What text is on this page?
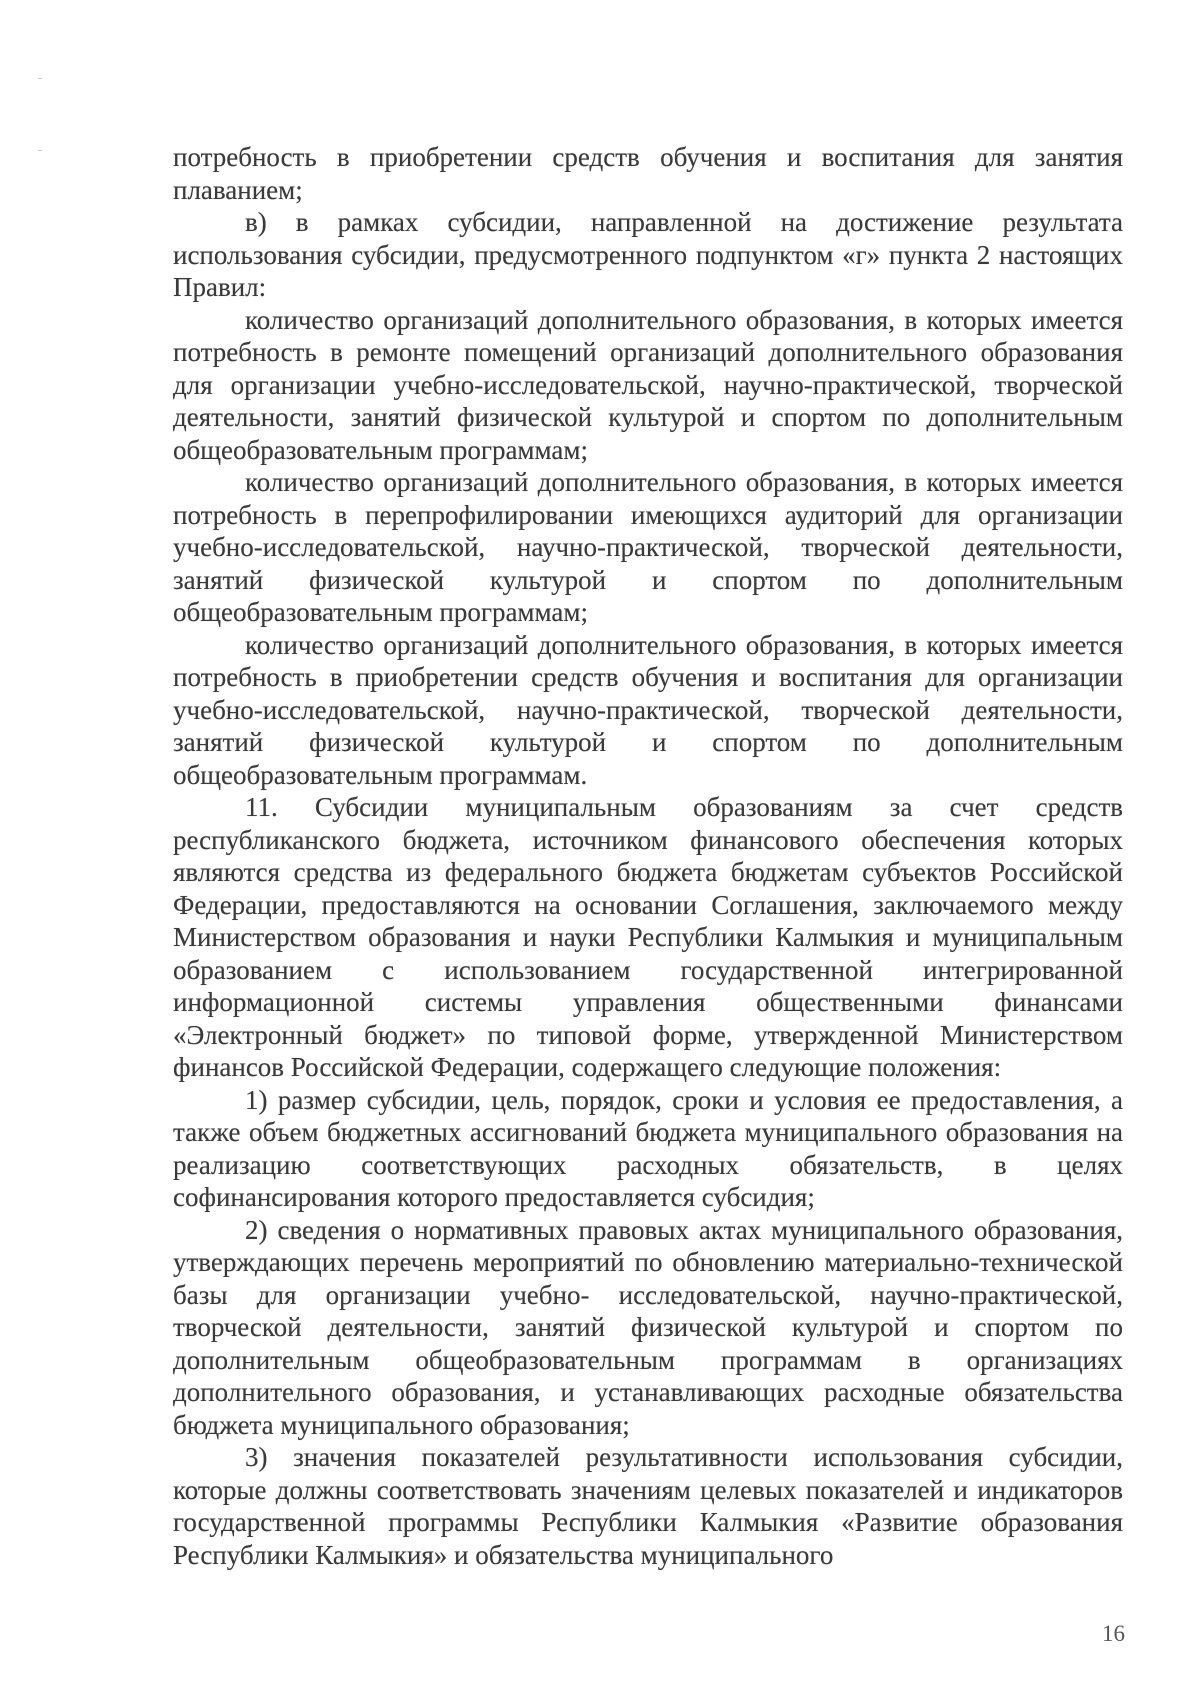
потребность в приобретении средств обучения и воспитания для занятия плаванием;

в) в рамках субсидии, направленной на достижение результата использования субсидии, предусмотренного подпунктом «г» пункта 2 настоящих Правил:

количество организаций дополнительного образования, в которых имеется потребность в ремонте помещений организаций дополнительного образования для организации учебно-исследовательской, научно-практической, творческой деятельности, занятий физической культурой и спортом по дополнительным общеобразовательным программам;

количество организаций дополнительного образования, в которых имеется потребность в перепрофилировании имеющихся аудиторий для организации учебно-исследовательской, научно-практической, творческой деятельности, занятий физической культурой и спортом по дополнительным общеобразовательным программам;

количество организаций дополнительного образования, в которых имеется потребность в приобретении средств обучения и воспитания для организации учебно-исследовательской, научно-практической, творческой деятельности, занятий физической культурой и спортом по дополнительным общеобразовательным программам.

11. Субсидии муниципальным образованиям за счет средств республиканского бюджета, источником финансового обеспечения которых являются средства из федерального бюджета бюджетам субъектов Российской Федерации, предоставляются на основании Соглашения, заключаемого между Министерством образования и науки Республики Калмыкия и муниципальным образованием с использованием государственной интегрированной информационной системы управления общественными финансами «Электронный бюджет» по типовой форме, утвержденной Министерством финансов Российской Федерации, содержащего следующие положения:

1) размер субсидии, цель, порядок, сроки и условия ее предоставления, а также объем бюджетных ассигнований бюджета муниципального образования на реализацию соответствующих расходных обязательств, в целях софинансирования которого предоставляется субсидия;

2) сведения о нормативных правовых актах муниципального образования, утверждающих перечень мероприятий по обновлению материально-технической базы для организации учебно- исследовательской, научно-практической, творческой деятельности, занятий физической культурой и спортом по дополнительным общеобразовательным программам в организациях дополнительного образования, и устанавливающих расходные обязательства бюджета муниципального образования;

3) значения показателей результативности использования субсидии, которые должны соответствовать значениям целевых показателей и индикаторов государственной программы Республики Калмыкия «Развитие образования Республики Калмыкия» и обязательства муниципального

16
